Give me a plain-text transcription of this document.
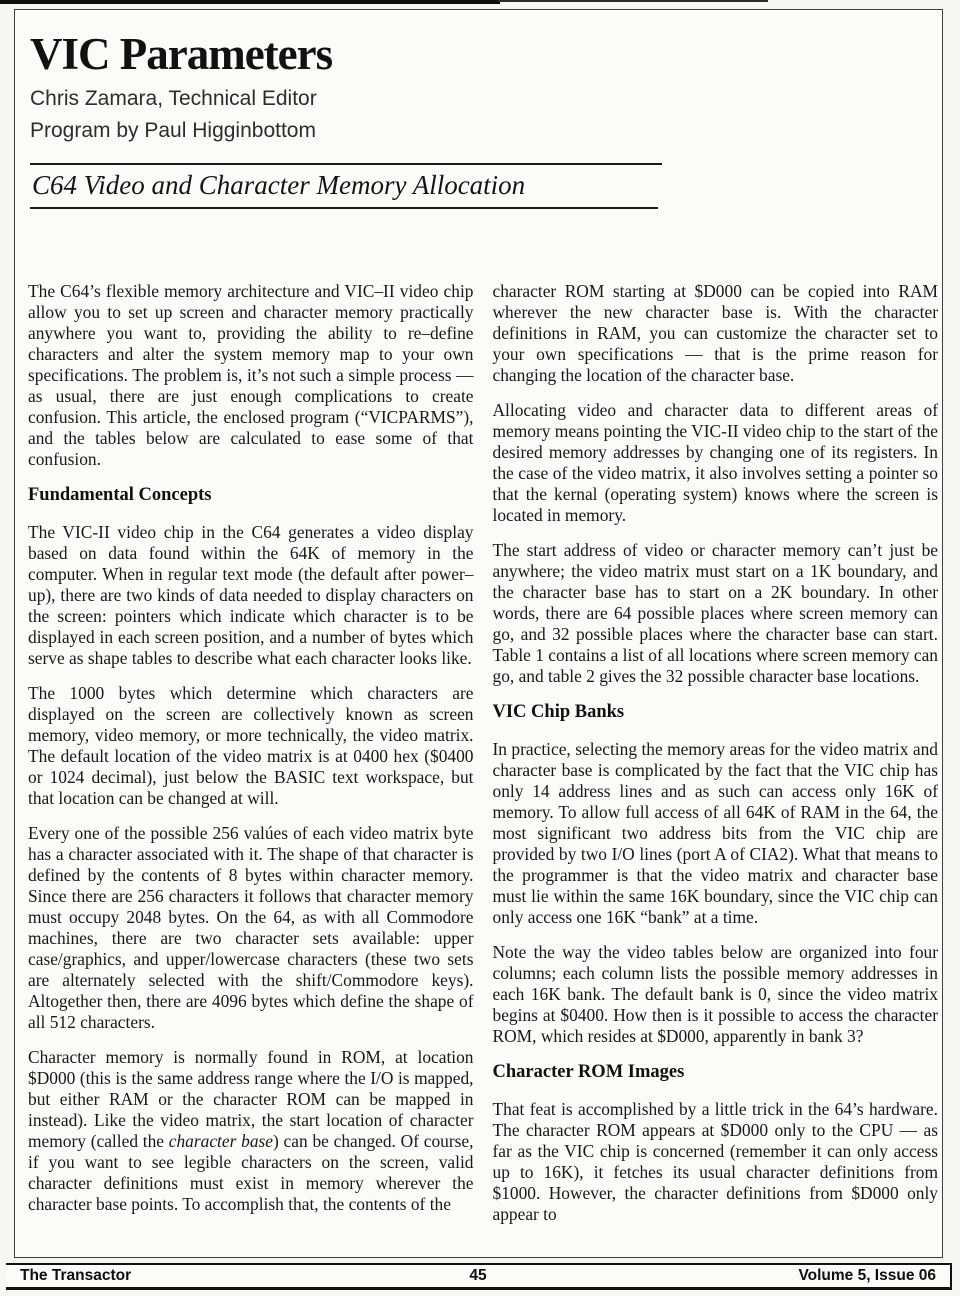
VIC Parameters

Chris Zamara, Technical Editor

Program by Paul Higginbottom

C64 Video and Character Memory Allocation

The C64’s flexible memory architecture and VIC–II video chip allow you to set up screen and character memory practically anywhere you want to, providing the ability to re–define characters and alter the system memory map to your own specifications. The problem is, it’s not such a simple process — as usual, there are just enough complications to create confusion. This article, the enclosed program (“VICPARMS”), and the tables below are calculated to ease some of that confusion.

Fundamental Concepts

The VIC-II video chip in the C64 generates a video display based on data found within the 64K of memory in the computer. When in regular text mode (the default after power–up), there are two kinds of data needed to display characters on the screen: pointers which indicate which character is to be displayed in each screen position, and a number of bytes which serve as shape tables to describe what each character looks like.

The 1000 bytes which determine which characters are displayed on the screen are collectively known as screen memory, video memory, or more technically, the video matrix. The default location of the video matrix is at 0400 hex ($0400 or 1024 decimal), just below the BASIC text workspace, but that location can be changed at will.

Every one of the possible 256 valúes of each video matrix byte has a character associated with it. The shape of that character is defined by the contents of 8 bytes within character memory. Since there are 256 characters it follows that character memory must occupy 2048 bytes. On the 64, as with all Commodore machines, there are two character sets available: upper case/graphics, and upper/lowercase characters (these two sets are alternately selected with the shift/Commodore keys). Altogether then, there are 4096 bytes which define the shape of all 512 characters.

Character memory is normally found in ROM, at location $D000 (this is the same address range where the I/O is mapped, but either RAM or the character ROM can be mapped in instead). Like the video matrix, the start location of character memory (called the character base) can be changed. Of course, if you want to see legible characters on the screen, valid character definitions must exist in memory wherever the character base points. To accomplish that, the contents of the

character ROM starting at $D000 can be copied into RAM wherever the new character base is. With the character definitions in RAM, you can customize the character set to your own specifications — that is the prime reason for changing the location of the character base.

Allocating video and character data to different areas of memory means pointing the VIC-II video chip to the start of the desired memory addresses by changing one of its registers. In the case of the video matrix, it also involves setting a pointer so that the kernal (operating system) knows where the screen is located in memory.

The start address of video or character memory can’t just be anywhere; the video matrix must start on a 1K boundary, and the character base has to start on a 2K boundary. In other words, there are 64 possible places where screen memory can go, and 32 possible places where the character base can start. Table 1 contains a list of all locations where screen memory can go, and table 2 gives the 32 possible character base locations.

VIC Chip Banks

In practice, selecting the memory areas for the video matrix and character base is complicated by the fact that the VIC chip has only 14 address lines and as such can access only 16K of memory. To allow full access of all 64K of RAM in the 64, the most significant two address bits from the VIC chip are provided by two I/O lines (port A of CIA2). What that means to the programmer is that the video matrix and character base must lie within the same 16K boundary, since the VIC chip can only access one 16K “bank” at a time.

Note the way the video tables below are organized into four columns; each column lists the possible memory addresses in each 16K bank. The default bank is 0, since the video matrix begins at $0400. How then is it possible to access the character ROM, which resides at $D000, apparently in bank 3?

Character ROM Images

That feat is accomplished by a little trick in the 64’s hardware. The character ROM appears at $D000 only to the CPU — as far as the VIC chip is concerned (remember it can only access up to 16K), it fetches its usual character definitions from $1000. However, the character definitions from $D000 only appear to

The Transactor	45	Volume 5, Issue 06
